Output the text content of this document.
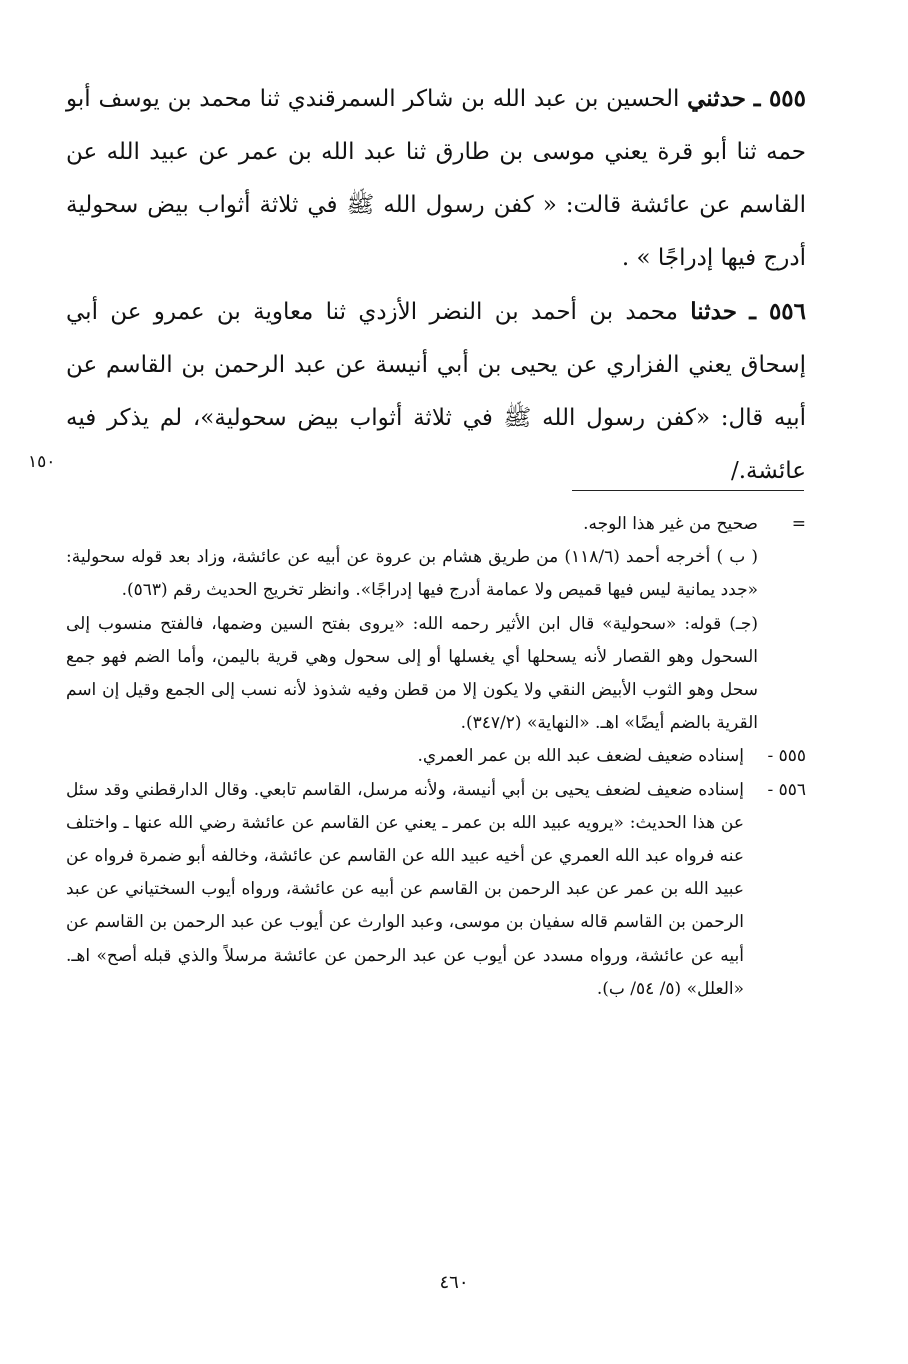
٥٥٥ ـ حدثني الحسين بن عبد الله بن شاكر السمرقندي ثنا محمد بن يوسف أبو حمه ثنا أبو قرة يعني موسى بن طارق ثنا عبد الله بن عمر عن عبيد الله عن القاسم عن عائشة قالت: « كفن رسول الله ﷺ في ثلاثة أثواب بيض سحولية أدرج فيها إدراجًا » .

٥٥٦ ـ حدثنا محمد بن أحمد بن النضر الأزدي ثنا معاوية بن عمرو عن أبي إسحاق يعني الفزاري عن يحيى بن أبي أنيسة عن عبد الرحمن بن القاسم عن أبيه قال: «كفن رسول الله ﷺ في ثلاثة أثواب بيض سحولية»، لم يذكر فيه عائشة./

١٥٠
=

صحيح من غير هذا الوجه.

( ب ) أخرجه أحمد (١١٨/٦) من طريق هشام بن عروة عن أبيه عن عائشة، وزاد بعد قوله سحولية: «جدد يمانية ليس فيها قميص ولا عمامة أدرج فيها إدراجًا». وانظر تخريج الحديث رقم (٥٦٣).

(جـ) قوله: «سحولية» قال ابن الأثير رحمه الله: «يروى بفتح السين وضمها، فالفتح منسوب إلى السحول وهو القصار لأنه يسحلها أي يغسلها أو إلى سحول وهي قرية باليمن، وأما الضم فهو جمع سحل وهو الثوب الأبيض النقي ولا يكون إلا من قطن وفيه شذوذ لأنه نسب إلى الجمع وقيل إن اسم القرية بالضم أيضًا» اهـ. «النهاية» (٣٤٧/٢).

٥٥٥ -

إسناده ضعيف لضعف عبد الله بن عمر العمري.

٥٥٦ -

إسناده ضعيف لضعف يحيى بن أبي أنيسة، ولأنه مرسل، القاسم تابعي. وقال الدارقطني وقد سئل عن هذا الحديث: «يرويه عبيد الله بن عمر ـ يعني عن القاسم عن عائشة رضي الله عنها ـ واختلف عنه فرواه عبد الله العمري عن أخيه عبيد الله عن القاسم عن عائشة، وخالفه أبو ضمرة فرواه عن عبيد الله بن عمر عن عبد الرحمن بن القاسم عن أبيه عن عائشة، ورواه أيوب السختياني عن عبد الرحمن بن القاسم قاله سفيان بن موسى، وعبد الوارث عن أيوب عن عبد الرحمن بن القاسم عن أبيه عن عائشة، ورواه مسدد عن أيوب عن عبد الرحمن عن عائشة مرسلاً والذي قبله أصح» اهـ. «العلل» (٥/ ٥٤/ ب).

٤٦٠
